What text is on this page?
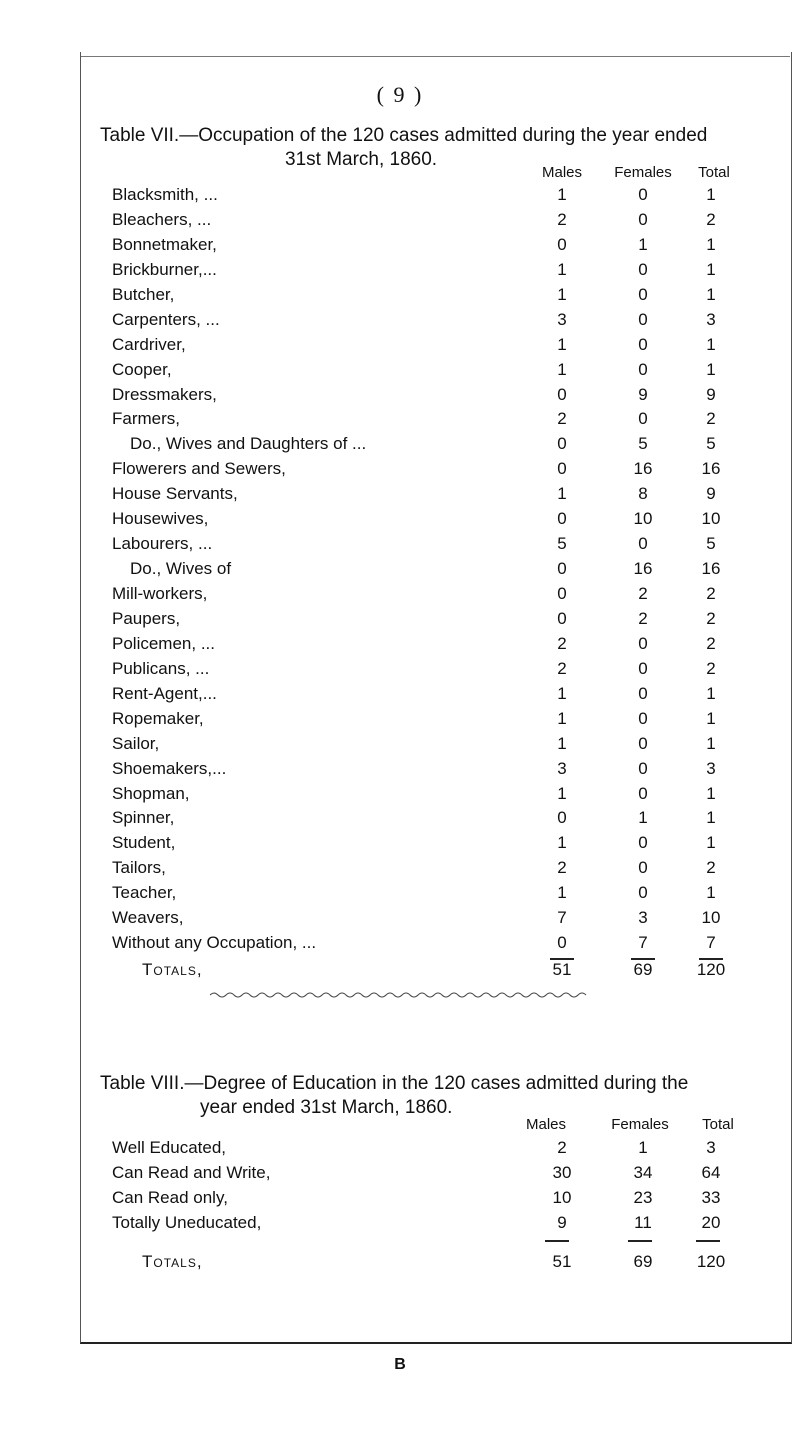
( 9 )
Table VII.—Occupation of the 120 cases admitted during the year ended
31st March, 1860.
Males	Females	Total
Blacksmith, ...	1	0	1
Bleachers, ...	2	0	2
Bonnetmaker,	0	1	1
Brickburner,...	1	0	1
Butcher,	1	0	1
Carpenters, ...	3	0	3
Cardriver,	1	0	1
Cooper,	1	0	1
Dressmakers,	0	9	9
Farmers,	2	0	2
Do., Wives and Daughters of ...	0	5	5
Flowerers and Sewers,	0	16	16
House Servants,	1	8	9
Housewives,	0	10	10
Labourers, ...	5	0	5
Do., Wives of	0	16	16
Mill-workers,	0	2	2
Paupers,	0	2	2
Policemen, ...	2	0	2
Publicans, ...	2	0	2
Rent-Agent,...	1	0	1
Ropemaker,	1	0	1
Sailor,	1	0	1
Shoemakers,...	3	0	3
Shopman,	1	0	1
Spinner,	0	1	1
Student,	1	0	1
Tailors,	2	0	2
Teacher,	1	0	1
Weavers,	7	3	10
Without any Occupation, ...	0	7	7
Totals,	51	69	120
Table VIII.—Degree of Education in the 120 cases admitted during the
year ended 31st March, 1860.
Males	Females	Total
Well Educated,	2	1	3
Can Read and Write,	30	34	64
Can Read only,	10	23	33
Totally Uneducated,	9	11	20
Totals,	51	69	120
B
